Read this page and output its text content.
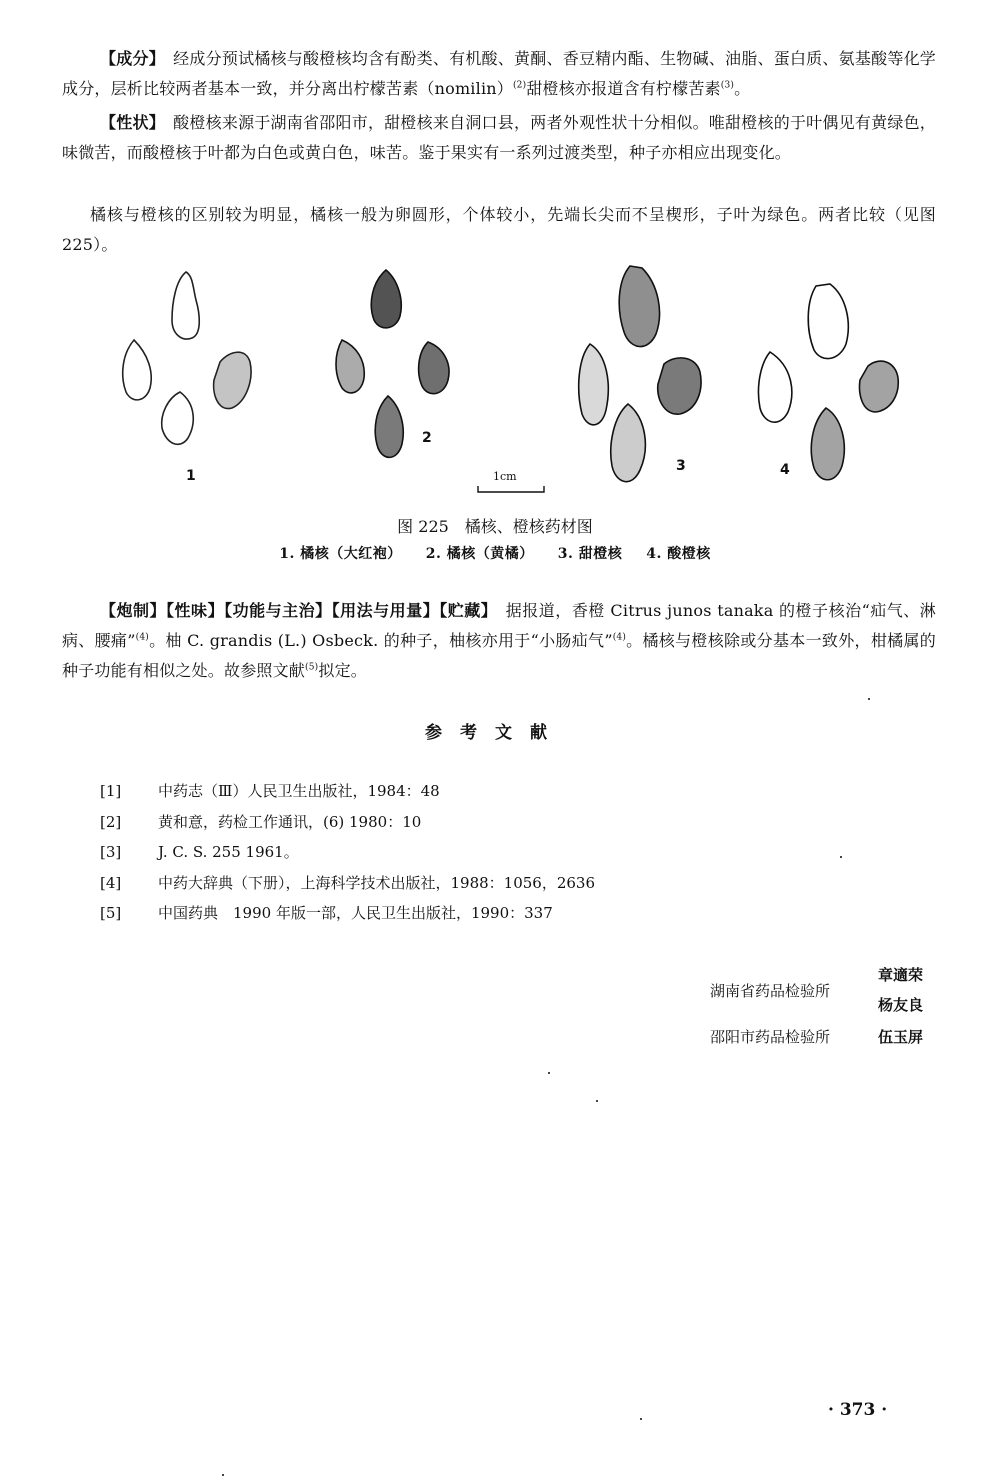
【成分】　 经成分预试橘核与酸橙核均含有酚类、有机酸、黄酮、香豆精内酯、生物碱、油脂、蛋白质、氨基酸等化学成分，层析比较两者基本一致，并分离出柠檬苦素（nomilin）$^{(2)}$甜橙核亦报道含有柠檬苦素$^{(3)}$。

【性状】　 酸橙核来源于湖南省邵阳市，甜橙核来自洞口县，两者外观性状十分相似。唯甜橙核的于叶偶见有黄绿色，味微苦，而酸橙核于叶都为白色或黄白色，味苦。鉴于果实有一系列过渡类型，种子亦相应出现变化。

橘核与橙核的区别较为明显，橘核一般为卵圆形，个体较小，先端长尖而不呈楔形，子叶为绿色。两者比较（见图 225）。

1
2
3	4
1cm
图 225　橘核、橙核药材图
1. 橘核（大红袍） 2. 橘核（黄橘） 3. 甜橙核 4. 酸橙核

【炮制】【性味】【功能与主治】【用法与用量】【贮藏】　 据报道，香橙 Citrus junos tanaka 的橙子核治“疝气、淋病、腰痛”$^{(4)}$。柚 C. grandis (L.) Osbeck. 的种子，柚核亦用于“小肠疝气”$^{(4)}$。橘核与橙核除或分基本一致外，柑橘属的种子功能有相似之处。故参照文献$^{(5)}$拟定。

参考文献
[1] 中药志（Ⅲ）人民卫生出版社，1984：48
[2] 黄和意，药检工作通讯，(6) 1980：10
[3] J. C. S. 255 1961。
[4] 中药大辞典（下册），上海科学技术出版社，1988：1056，2636
[5] 中国药典　1990 年版一部，人民卫生出版社，1990：337
湖南省药品检验所
章適荣
杨友良
邵阳市药品检验所	伍玉屏
· 373 ·
